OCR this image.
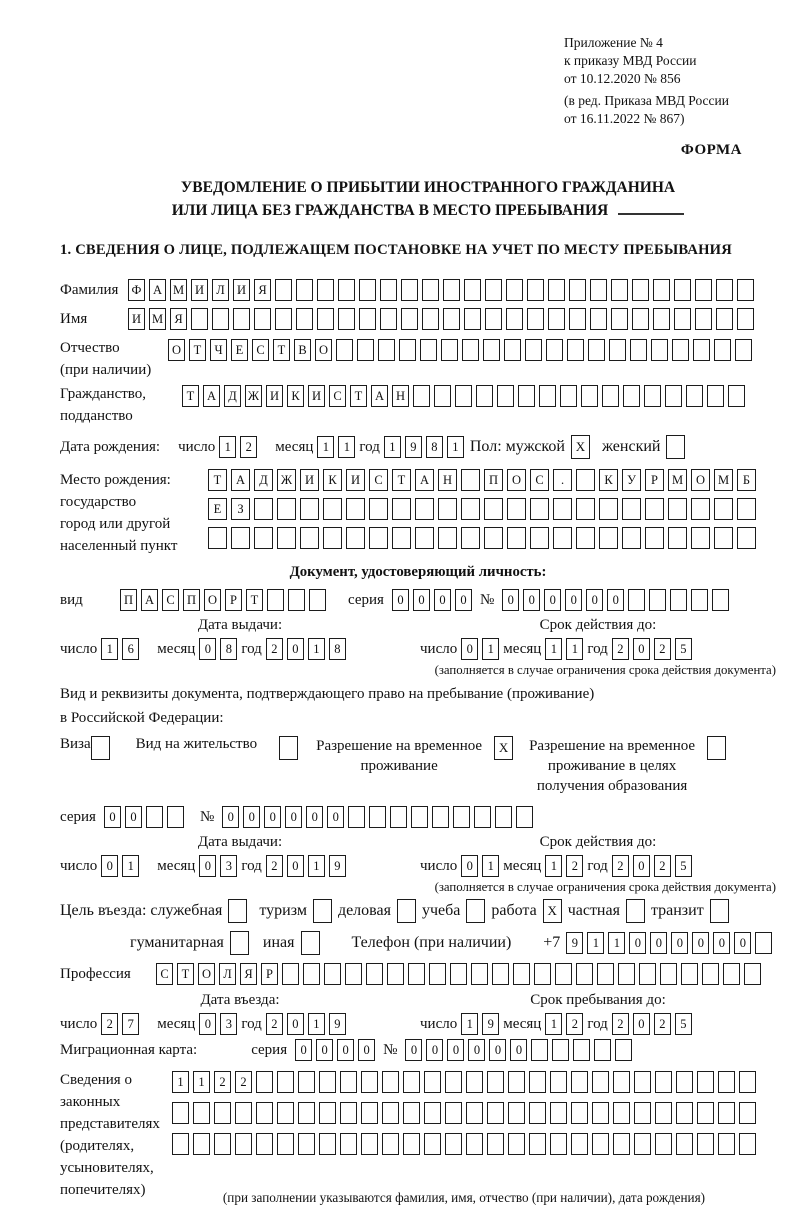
Приложение № 4
к приказу МВД России
от 10.12.2020 № 856
(в ред. Приказа МВД России
от 16.11.2022 № 867)
ФОРМА
УВЕДОМЛЕНИЕ О ПРИБЫТИИ ИНОСТРАННОГО ГРАЖДАНИНА
ИЛИ ЛИЦА БЕЗ ГРАЖДАНСТВА В МЕСТО ПРЕБЫВАНИЯ
1. СВЕДЕНИЯ О ЛИЦЕ, ПОДЛЕЖАЩЕМ ПОСТАНОВКЕ НА УЧЕТ ПО МЕСТУ ПРЕБЫВАНИЯ
Фамилия	Ф А М И Л И Я
Имя	И М Я
Отчество
(при наличии)
О	Т	Ч	Е	С	Т	В О
Гражданство,
подданство
Т	А Д Ж И К И С	Т	А Н
Дата рождения: число 1	2	месяц 1	1 год 1	9	8	1 Пол: мужской X	женский
Место рождения:
государство
город или другой
населенный пункт
Т	А	Д	Ж	И	К	И	С	Т	А	Н	П	О	С	.	К	У	Р	М	О	М	Б
Е	З
Документ, удостоверяющий личность:
вид	П А С П О	Р	Т	серия	0	0	0	0 №	0	0	0	0	0	0
Дата выдачи:
число 1	6	месяц 0	8 год 2	0	1	8
Срок действия до:
число 0	1 месяц 1	1 год 2	0	2	5
(заполняется в случае ограничения срока действия документа)
Вид и реквизиты документа, подтверждающего право на пребывание (проживание)
в Российской Федерации:
Виза	Вид на жительство	Разрешение на временное
проживание
X	Разрешение на временное
проживание в целях
получения образования
серия	0	0	№	0	0	0	0	0	0
Дата выдачи:
число 0	1	месяц 0	3 год 2	0	1	9
Срок действия до:
число 0	1 месяц 1	2 год 2	0	2	5
(заполняется в случае ограничения срока действия документа)
Цель въезда: служебная туризм деловая учеба работа X частная транзит
гуманитарная иная	Телефон (при наличии) +7 9	1	1	0	0	0	0	0	0
Профессия	С	Т	О Л	Я	Р
Дата въезда:
число 2	7	месяц 0	3 год 2	0	1	9
Срок пребывания до:
число 1	9 месяц 1	2 год 2	0	2	5
Миграционная карта:	серия	0	0	0	0 №	0	0	0	0	0	0
Сведения о
законных
представителях
(родителях,
усыновителях,
попечителях)
1	1	2	2
(при заполнении указываются фамилия, имя, отчество (при наличии), дата рождения)
